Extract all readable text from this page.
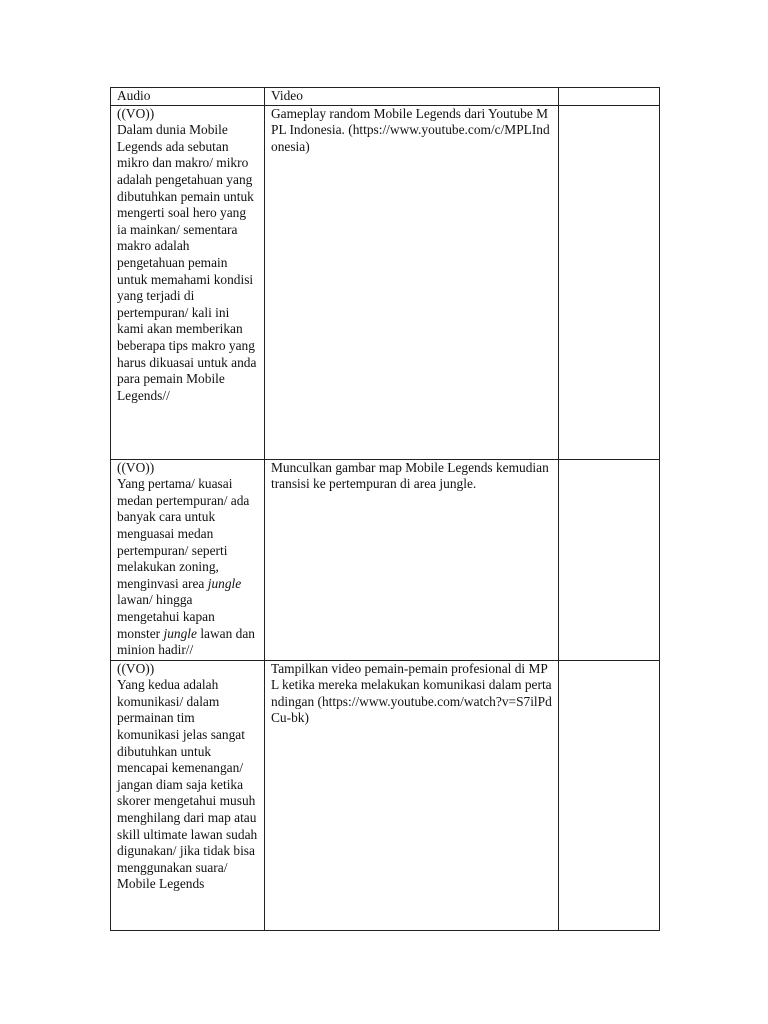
Audio	Video	

((VO))
Dalam dunia Mobile Legends ada sebutan mikro dan makro/ mikro adalah pengetahuan yang dibutuhkan pemain untuk mengerti soal hero yang ia mainkan/ sementara makro adalah pengetahuan pemain untuk memahami kondisi yang terjadi di pertempuran/ kali ini kami akan memberikan beberapa tips makro yang harus dikuasai untuk anda para pemain Mobile Legends//	Gameplay random Mobile Legends dari Youtube MPL Indonesia. (https://www.youtube.com/c/MPLIndonesia)	

((VO))
Yang pertama/ kuasai medan pertempuran/ ada banyak cara untuk menguasai medan pertempuran/ seperti melakukan zoning, menginvasi area jungle lawan/ hingga mengetahui kapan monster jungle lawan dan minion hadir//	Munculkan gambar map Mobile Legends kemudian transisi ke pertempuran di area jungle.	

((VO))
Yang kedua adalah komunikasi/ dalam permainan tim komunikasi jelas sangat dibutuhkan untuk mencapai kemenangan/ jangan diam saja ketika skorer mengetahui musuh menghilang dari map atau skill ultimate lawan sudah digunakan/ jika tidak bisa menggunakan suara/ Mobile Legends	Tampilkan video pemain-pemain profesional di MPL ketika mereka melakukan komunikasi dalam pertandingan (https://www.youtube.com/watch?v=S7ilPdCu-bk)	
